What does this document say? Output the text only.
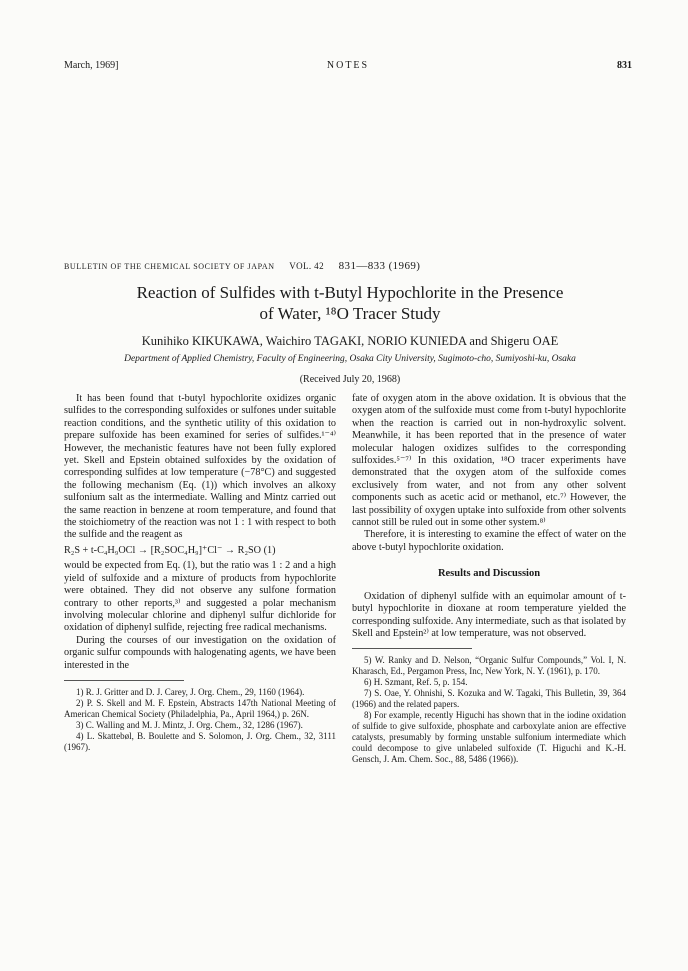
March, 1969]	NOTES	831
BULLETIN OF THE CHEMICAL SOCIETY OF JAPAN VOL. 42 831—833 (1969)
Reaction of Sulfides with t-Butyl Hypochlorite in the Presence
of Water, ¹⁸O Tracer Study
Kunihiko KIKUKAWA, Waichiro TAGAKI, NORIO KUNIEDA and Shigeru OAE
Department of Applied Chemistry, Faculty of Engineering, Osaka City University, Sugimoto-cho, Sumiyoshi-ku, Osaka
(Received July 20, 1968)

It has been found that t-butyl hypochlorite oxidizes organic sulfides to the corresponding sulfoxides or sulfones under suitable reaction conditions, and the synthetic utility of this oxidation to prepare sulfoxide has been examined for series of sulfides.¹⁻⁴⁾ However, the mechanistic features have not been fully explored yet. Skell and Epstein obtained sulfoxides by the oxidation of corresponding sulfides at low temperature (−78°C) and suggested the following mechanism (Eq. (1)) which involves an alkoxy sulfonium salt as the intermediate. Walling and Mintz carried out the same reaction in benzene at room temperature, and found that the stoichiometry of the reaction was not 1 : 1 with respect to both the sulfide and the reagent as

R₂S + t-C₄H₉OCl → [R₂SOC₄H₉]⁺Cl⁻ → R₂SO (1)

would be expected from Eq. (1), but the ratio was 1 : 2 and a high yield of sulfoxide and a mixture of products from hypochlorite were obtained. They did not observe any sulfone formation contrary to other reports,³⁾ and suggested a polar mechanism involving molecular chlorine and diphenyl sulfur dichloride for oxidation of diphenyl sulfide, rejecting free radical mechanisms.

During the courses of our investigation on the oxidation of organic sulfur compounds with halogenating agents, we have been interested in the

1) R. J. Gritter and D. J. Carey, J. Org. Chem., 29, 1160 (1964).

2) P. S. Skell and M. F. Epstein, Abstracts 147th National Meeting of American Chemical Society (Philadelphia, Pa., April 1964,) p. 26N.

3) C. Walling and M. J. Mintz, J. Org. Chem., 32, 1286 (1967).

4) L. Skattebøl, B. Boulette and S. Solomon, J. Org. Chem., 32, 3111 (1967).

fate of oxygen atom in the above oxidation. It is obvious that the oxygen atom of the sulfoxide must come from t-butyl hypochlorite when the reaction is carried out in non-hydroxylic solvent. Meanwhile, it has been reported that in the presence of water molecular halogen oxidizes sulfides to the corresponding sulfoxides.⁵⁻⁷⁾ In this oxidation, ¹⁸O tracer experiments have demonstrated that the oxygen atom of the sulfoxide comes exclusively from water, and not from any other solvent components such as acetic acid or methanol, etc.⁷⁾ However, the last possibility of oxygen uptake into sulfoxide from other solvents cannot still be ruled out in some other system.⁸⁾

Therefore, it is interesting to examine the effect of water on the above t-butyl hypochlorite oxidation.

Results and Discussion

Oxidation of diphenyl sulfide with an equimolar amount of t-butyl hypochlorite in dioxane at room temperature yielded the corresponding sulfoxide. Any intermediate, such as that isolated by Skell and Epstein²⁾ at low temperature, was not observed.

5) W. Ranky and D. Nelson, “Organic Sulfur Compounds,” Vol. I, N. Kharasch, Ed., Pergamon Press, Inc, New York, N. Y. (1961), p. 170.

6) H. Szmant, Ref. 5, p. 154.

7) S. Oae, Y. Ohnishi, S. Kozuka and W. Tagaki, This Bulletin, 39, 364 (1966) and the related papers.

8) For example, recently Higuchi has shown that in the iodine oxidation of sulfide to give sulfoxide, phosphate and carboxylate anion are effective catalysts, presumably by forming unstable sulfonium intermediate which could decompose to give unlabeled sulfoxide (T. Higuchi and K.-H. Gensch, J. Am. Chem. Soc., 88, 5486 (1966)).
